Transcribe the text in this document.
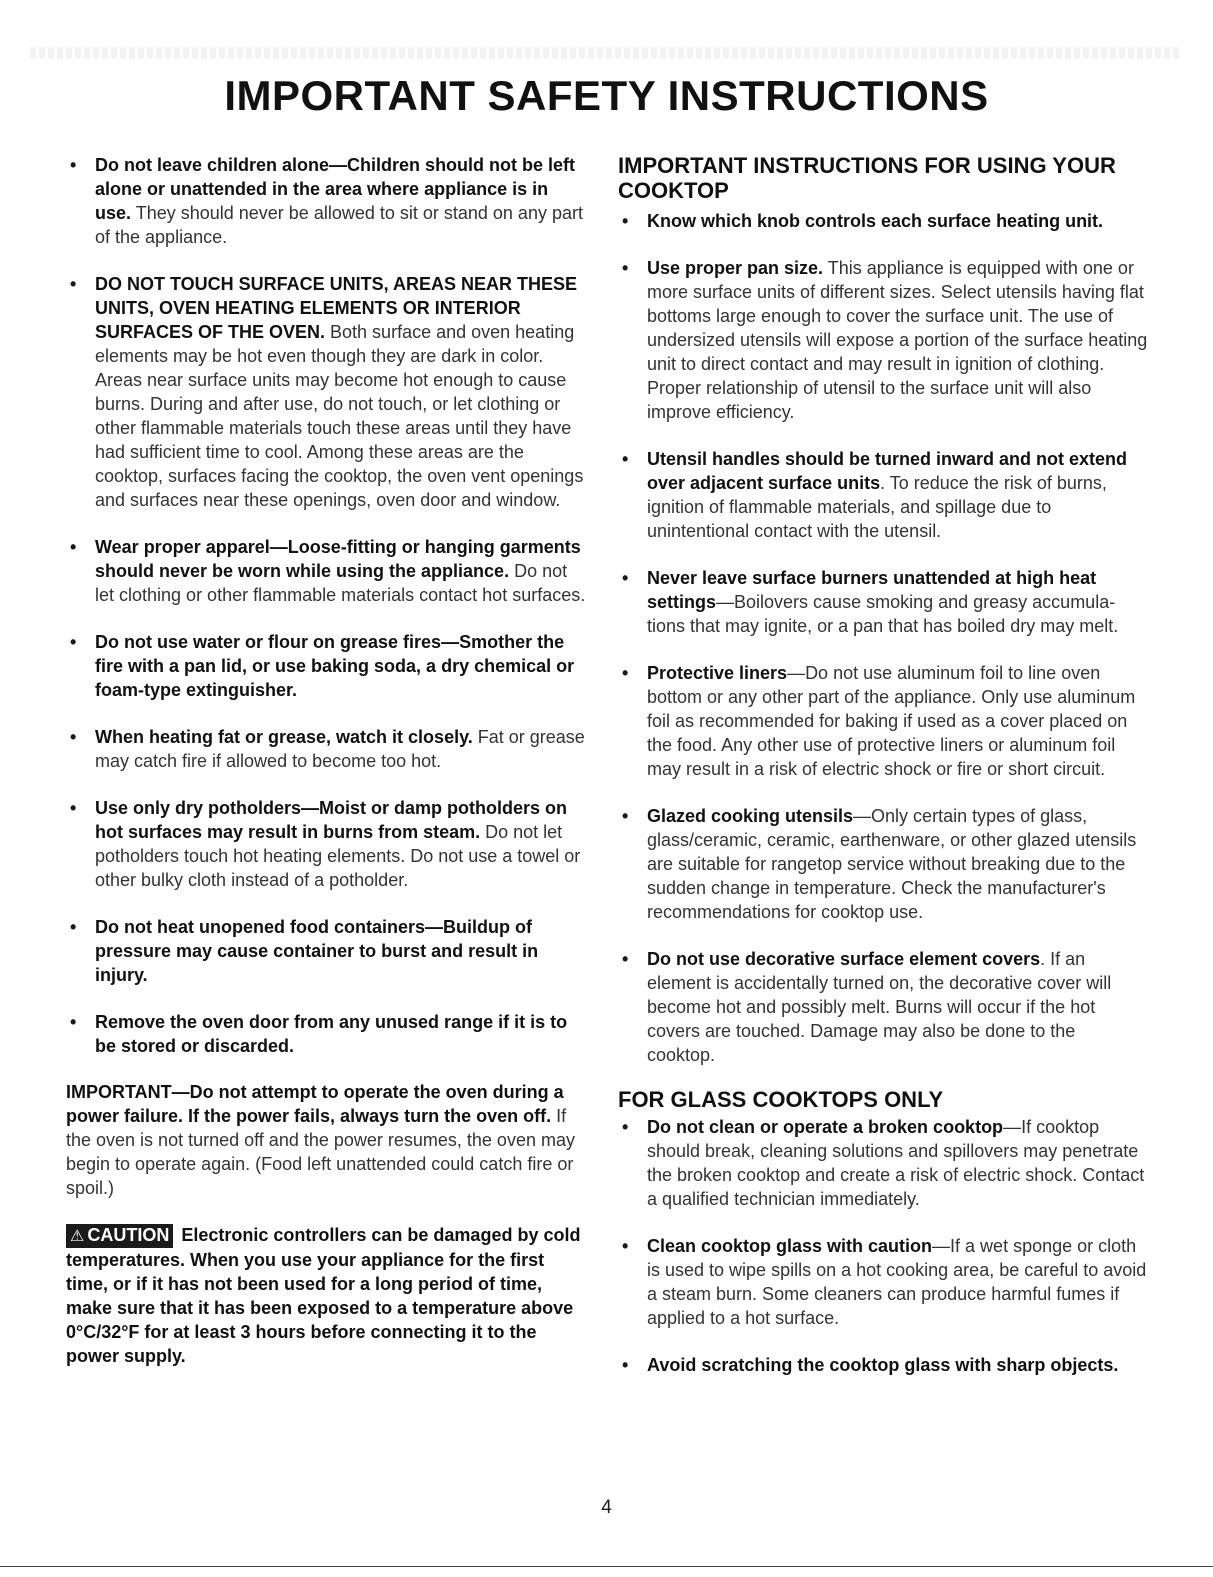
IMPORTANT SAFETY INSTRUCTIONS
• Do not leave children alone—Children should not be left alone or unattended in the area where appliance is in use. They should never be allowed to sit or stand on any part of the appliance.
• DO NOT TOUCH SURFACE UNITS, AREAS NEAR THESE UNITS, OVEN HEATING ELEMENTS OR INTERIOR SURFACES OF THE OVEN. Both surface and oven heating elements may be hot even though they are dark in color. Areas near surface units may become hot enough to cause burns. During and after use, do not touch, or let clothing or other flammable materials touch these areas until they have had sufficient time to cool. Among these areas are the cooktop, surfaces facing the cooktop, the oven vent openings and surfaces near these openings, oven door and window.
• Wear proper apparel—Loose-fitting or hanging garments should never be worn while using the appliance. Do not let clothing or other flammable materials contact hot surfaces.
• Do not use water or flour on grease fires—Smother the fire with a pan lid, or use baking soda, a dry chemical or foam-type extinguisher.
• When heating fat or grease, watch it closely. Fat or grease may catch fire if allowed to become too hot.
• Use only dry potholders—Moist or damp potholders on hot surfaces may result in burns from steam. Do not let potholders touch hot heating elements. Do not use a towel or other bulky cloth instead of a potholder.
• Do not heat unopened food containers—Buildup of pressure may cause container to burst and result in injury.
• Remove the oven door from any unused range if it is to be stored or discarded.
IMPORTANT—Do not attempt to operate the oven during a power failure. If the power fails, always turn the oven off. If the oven is not turned off and the power resumes, the oven may begin to operate again. (Food left unattended could catch fire or spoil.)
⚠ CAUTION Electronic controllers can be damaged by cold temperatures. When you use your appliance for the first time, or if it has not been used for a long period of time, make sure that it has been exposed to a temperature above 0°C/32°F for at least 3 hours before connecting it to the power supply.
IMPORTANT INSTRUCTIONS FOR USING YOUR COOKTOP
• Know which knob controls each surface heating unit.
• Use proper pan size. This appliance is equipped with one or more surface units of different sizes. Select utensils having flat bottoms large enough to cover the surface unit. The use of undersized utensils will expose a portion of the surface heating unit to direct contact and may result in ignition of clothing. Proper relationship of utensil to the surface unit will also improve efficiency.
• Utensil handles should be turned inward and not extend over adjacent surface units. To reduce the risk of burns, ignition of flammable materials, and spillage due to unintentional contact with the utensil.
• Never leave surface burners unattended at high heat settings—Boilovers cause smoking and greasy accumula-tions that may ignite, or a pan that has boiled dry may melt.
• Protective liners—Do not use aluminum foil to line oven bottom or any other part of the appliance. Only use aluminum foil as recommended for baking if used as a cover placed on the food. Any other use of protective liners or aluminum foil may result in a risk of electric shock or fire or short circuit.
• Glazed cooking utensils—Only certain types of glass, glass/ceramic, ceramic, earthenware, or other glazed utensils are suitable for rangetop service without breaking due to the sudden change in temperature. Check the manufacturer's recommendations for cooktop use.
• Do not use decorative surface element covers. If an element is accidentally turned on, the decorative cover will become hot and possibly melt. Burns will occur if the hot covers are touched. Damage may also be done to the cooktop.
FOR GLASS COOKTOPS ONLY
• Do not clean or operate a broken cooktop—If cooktop should break, cleaning solutions and spillovers may penetrate the broken cooktop and create a risk of electric shock. Contact a qualified technician immediately.
• Clean cooktop glass with caution—If a wet sponge or cloth is used to wipe spills on a hot cooking area, be careful to avoid a steam burn. Some cleaners can produce harmful fumes if applied to a hot surface.
• Avoid scratching the cooktop glass with sharp objects.
4
